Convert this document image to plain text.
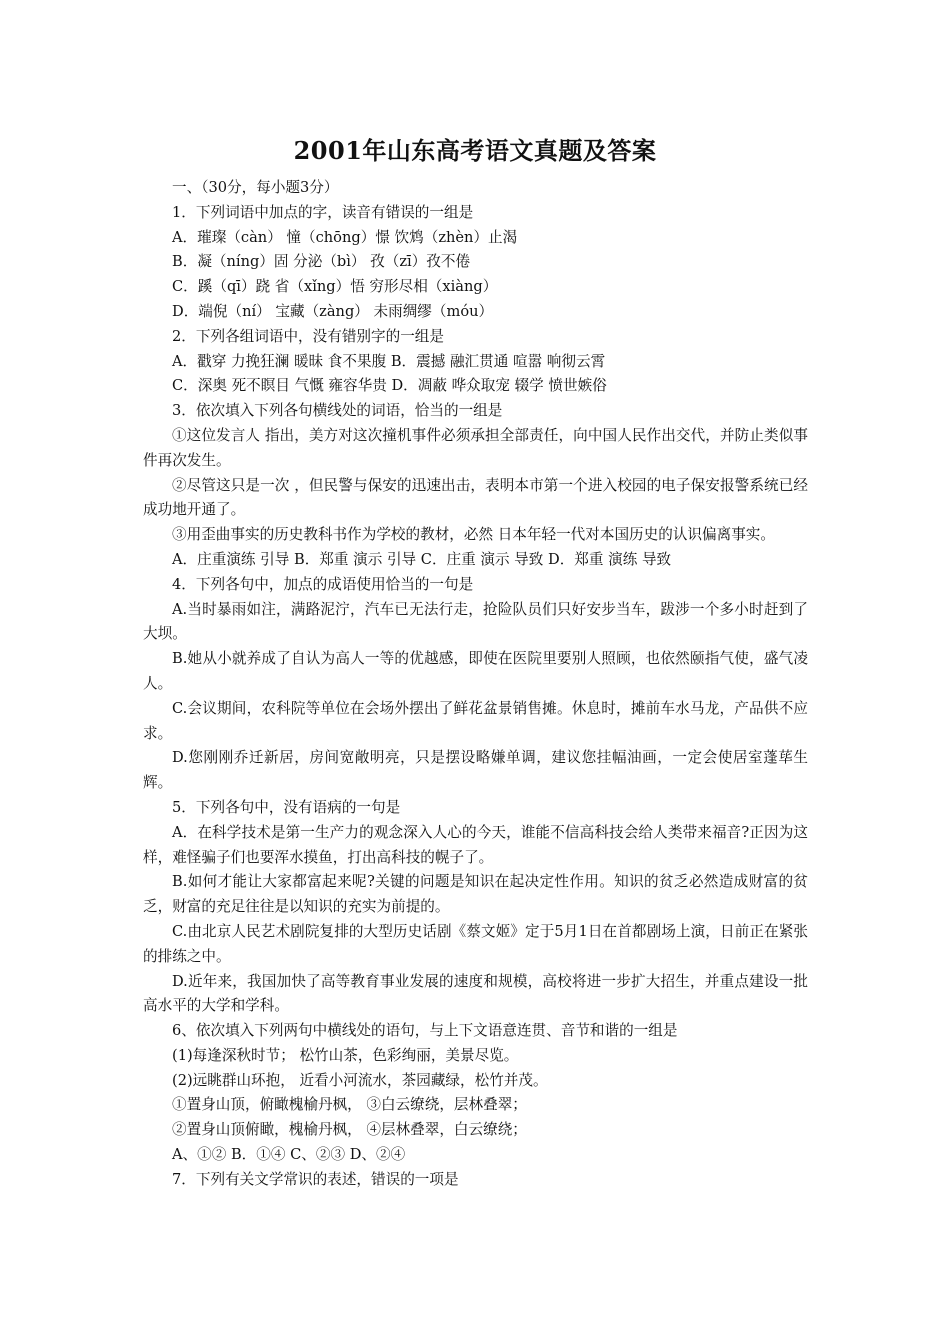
2001年山东高考语文真题及答案

一、（30分，每小题3分）

1．下列词语中加点的字，读音有错误的一组是

A．璀璨（càn） 憧（chōng）憬 饮鸩（zhèn）止渴

B．凝（níng）固 分泌（bì） 孜（zī）孜不倦

C．蹊（qī）跷 省（xǐng）悟 穷形尽相（xiàng）

D．端倪（ní） 宝藏（zàng） 未雨绸缪（móu）

2．下列各组词语中，没有错别字的一组是

A．戳穿 力挽狂澜 暖昧 食不果腹 B．震撼 融汇贯通 喧嚣 响彻云霄

C．深奥 死不瞑目 气慨 雍容华贵 D．凋蔽 哗众取宠 辍学 愤世嫉俗

3．依次填入下列各句横线处的词语，恰当的一组是

①这位发言人 指出，美方对这次撞机事件必须承担全部责任，向中国人民作出交代，并防止类似事件再次发生。

②尽管这只是一次 ，但民警与保安的迅速出击，表明本市第一个进入校园的电子保安报警系统已经成功地开通了。

③用歪曲事实的历史教科书作为学校的教材，必然 日本年轻一代对本国历史的认识偏离事实。

A．庄重演练 引导 B．郑重 演示 引导 C．庄重 演示 导致 D．郑重 演练 导致

4．下列各句中，加点的成语使用恰当的一句是

A.当时暴雨如注，满路泥泞，汽车已无法行走，抢险队员们只好安步当车，跋涉一个多小时赶到了大坝。

B.她从小就养成了自认为高人一等的优越感，即使在医院里要别人照顾，也依然颐指气使，盛气凌人。

C.会议期间，农科院等单位在会场外摆出了鲜花盆景销售摊。休息时，摊前车水马龙，产品供不应求。

D.您刚刚乔迁新居，房间宽敞明亮，只是摆设略嫌单调，建议您挂幅油画，一定会使居室蓬荜生辉。

5．下列各句中，没有语病的一句是

A．在科学技术是第一生产力的观念深入人心的今天，谁能不信高科技会给人类带来福音?正因为这样，难怪骗子们也要浑水摸鱼，打出高科技的幌子了。

B.如何才能让大家都富起来呢?关键的问题是知识在起决定性作用。知识的贫乏必然造成财富的贫乏，财富的充足往往是以知识的充实为前提的。

C.由北京人民艺术剧院复排的大型历史话剧《蔡文姬》定于5月1日在首都剧场上演，日前正在紧张的排练之中。

D.近年来，我国加快了高等教育事业发展的速度和规模，高校将进一步扩大招生，并重点建设一批高水平的大学和学科。

6、依次填入下列两句中横线处的语句，与上下文语意连贯、音节和谐的一组是

(1)每逢深秋时节； 松竹山茶，色彩绚丽，美景尽览。

(2)远眺群山环抱， 近看小河流水，茶园藏绿，松竹并茂。

①置身山顶，俯瞰槐榆丹枫， ③白云缭绕，层林叠翠；

②置身山顶俯瞰，槐榆丹枫， ④层林叠翠，白云缭绕；

A、①② B．①④ C、②③ D、②④

7．下列有关文学常识的表述，错误的一项是
